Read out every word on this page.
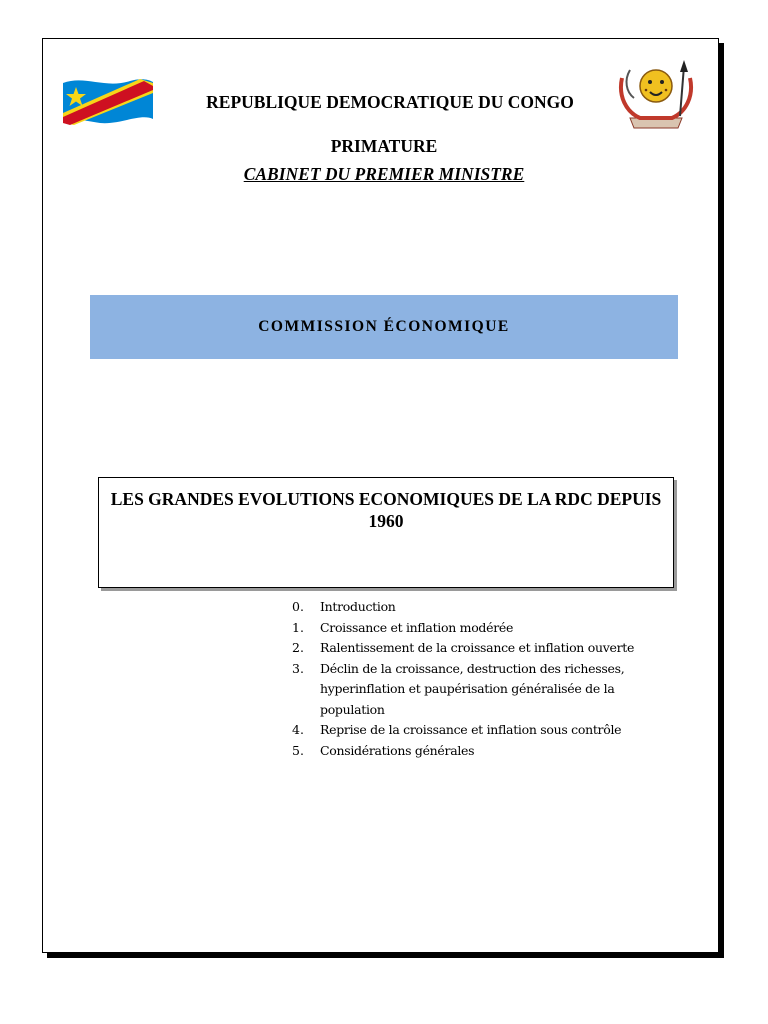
REPUBLIQUE DEMOCRATIQUE DU CONGO
PRIMATURE
CABINET DU PREMIER MINISTRE
COMMISSION ÉCONOMIQUE
LES GRANDES EVOLUTIONS ECONOMIQUES DE LA RDC DEPUIS 1960
0.	Introduction
1.	Croissance et inflation modérée
2.	Ralentissement de la croissance et inflation ouverte
3.	Déclin de la croissance, destruction des richesses, hyperinflation et paupérisation généralisée de la population
4.	Reprise de la croissance et inflation sous contrôle
5.	Considérations générales
